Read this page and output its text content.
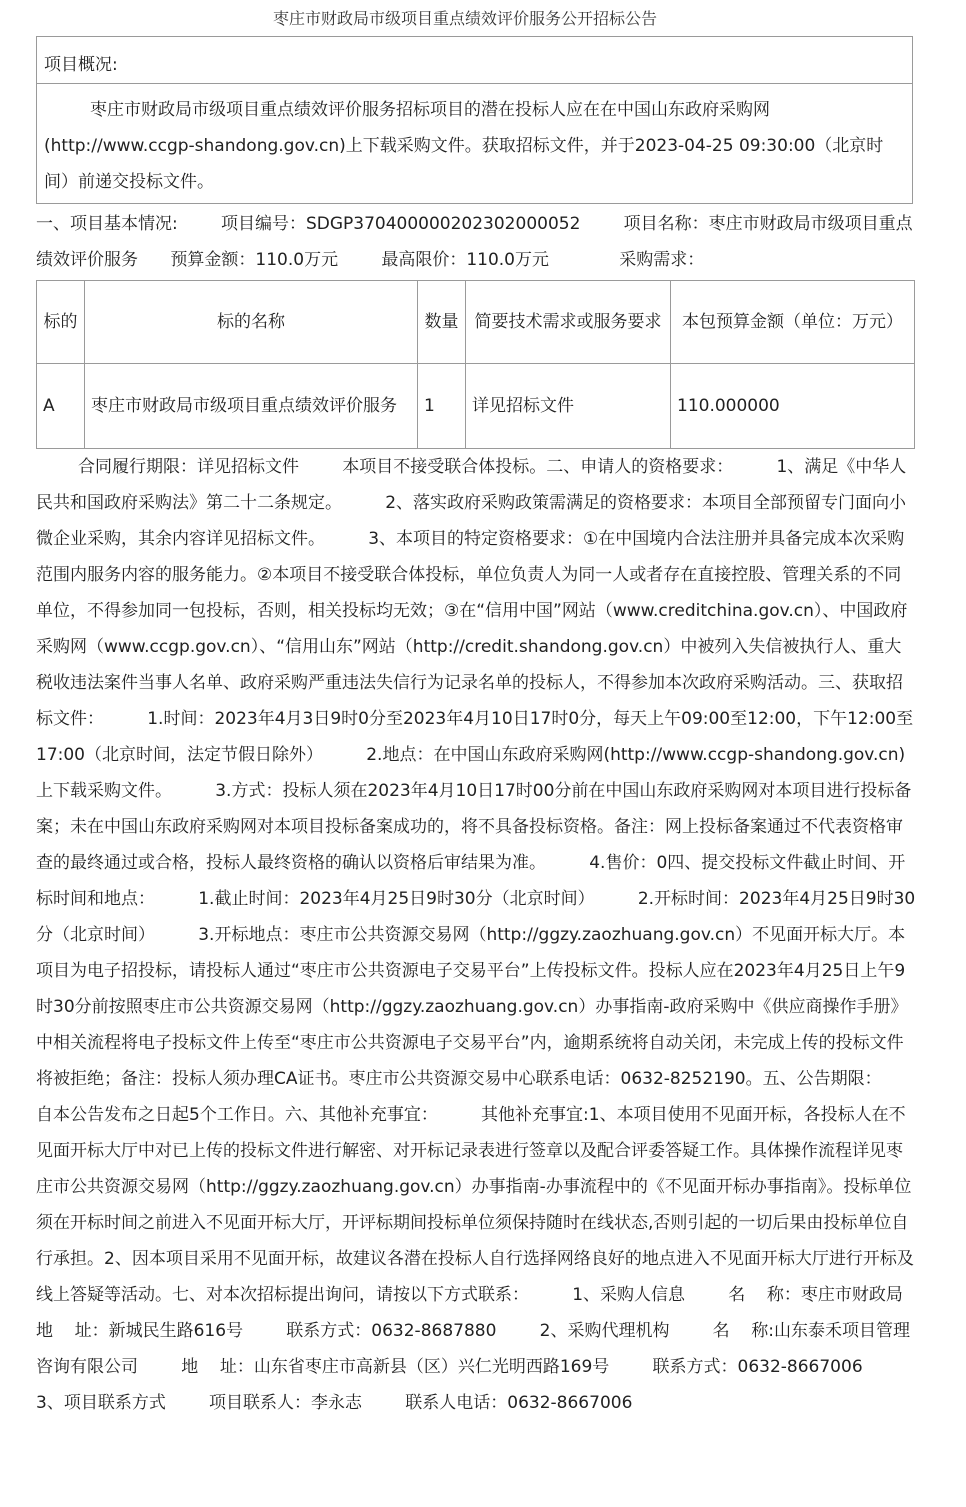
枣庄市财政局市级项目重点绩效评价服务公开招标公告
项目概况:

枣庄市财政局市级项目重点绩效评价服务招标项目的潜在投标人应在在中国山东政府采购网(http://www.ccgp-shandong.gov.cn)上下载采购文件。获取招标文件，并于2023-04-25 09:30:00（北京时间）前递交投标文件。

一、项目基本情况:        项目编号：SDGP370400000202302000052        项目名称：枣庄市财政局市级项目重点绩效评价服务      预算金额：110.0万元        最高限价：110.0万元             采购需求：
标的	标的名称	数量	简要技术需求或服务要求	本包预算金额（单位：万元）
A	枣庄市财政局市级项目重点绩效评价服务	1	详见招标文件	110.000000

合同履行期限：详见招标文件        本项目不接受联合体投标。二、申请人的资格要求：        1、满足《中华人民共和国政府采购法》第二十二条规定。        2、落实政府采购政策需满足的资格要求：本项目全部预留专门面向小微企业采购，其余内容详见招标文件。        3、本项目的特定资格要求：①在中国境内合法注册并具备完成本次采购范围内服务内容的服务能力。②本项目不接受联合体投标，单位负责人为同一人或者存在直接控股、管理关系的不同单位，不得参加同一包投标，否则，相关投标均无效；③在“信用中国”网站（www.creditchina.gov.cn）、中国政府采购网（www.ccgp.gov.cn）、“信用山东”网站（http://credit.shandong.gov.cn）中被列入失信被执行人、重大税收违法案件当事人名单、政府采购严重违法失信行为记录名单的投标人，不得参加本次政府采购活动。三、获取招标文件：        1.时间：2023年4月3日9时0分至2023年4月10日17时0分，每天上午09:00至12:00，下午12:00至17:00（北京时间，法定节假日除外）        2.地点：在中国山东政府采购网(http://www.ccgp-shandong.gov.cn)上下载采购文件。        3.方式：投标人须在2023年4月10日17时00分前在中国山东政府采购网对本项目进行投标备案；未在中国山东政府采购网对本项目投标备案成功的，将不具备投标资格。备注：网上投标备案通过不代表资格审查的最终通过或合格，投标人最终资格的确认以资格后审结果为准。        4.售价：0四、提交投标文件截止时间、开标时间和地点：        1.截止时间：2023年4月25日9时30分（北京时间）        2.开标时间：2023年4月25日9时30分（北京时间）        3.开标地点：枣庄市公共资源交易网（http://ggzy.zaozhuang.gov.cn）不见面开标大厅。本项目为电子招投标，请投标人通过“枣庄市公共资源电子交易平台”上传投标文件。投标人应在2023年4月25日上午9时30分前按照枣庄市公共资源交易网（http://ggzy.zaozhuang.gov.cn）办事指南-政府采购中《供应商操作手册》中相关流程将电子投标文件上传至“枣庄市公共资源电子交易平台”内，逾期系统将自动关闭，未完成上传的投标文件将被拒绝；备注：投标人须办理CA证书。枣庄市公共资源交易中心联系电话：0632-8252190。五、公告期限：        自本公告发布之日起5个工作日。六、其他补充事宜：        其他补充事宜:1、本项目使用不见面开标，各投标人在不见面开标大厅中对已上传的投标文件进行解密、对开标记录表进行签章以及配合评委答疑工作。具体操作流程详见枣庄市公共资源交易网（http://ggzy.zaozhuang.gov.cn）办事指南-办事流程中的《不见面开标办事指南》。投标单位须在开标时间之前进入不见面开标大厅，开评标期间投标单位须保持随时在线状态,否则引起的一切后果由投标单位自行承担。2、因本项目采用不见面开标，故建议各潜在投标人自行选择网络良好的地点进入不见面开标大厅进行开标及线上答疑等活动。七、对本次招标提出询问，请按以下方式联系：        1、采购人信息        名    称：枣庄市财政局        地    址：新城民生路616号        联系方式：0632-8687880        2、采购代理机构        名    称:山东泰禾项目管理咨询有限公司        地    址：山东省枣庄市高新县（区）兴仁光明西路169号        联系方式：0632-8667006        3、项目联系方式        项目联系人：李永志        联系人电话：0632-8667006
